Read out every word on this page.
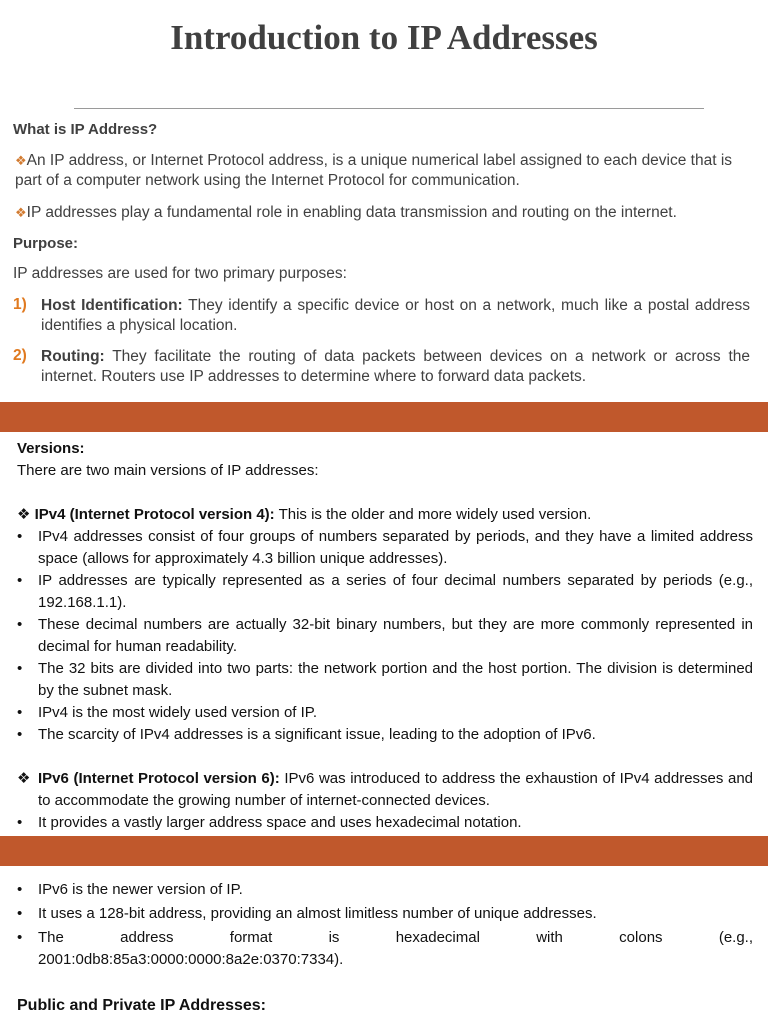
Introduction to IP Addresses
What is IP Address?
❖An IP address, or Internet Protocol address, is a unique numerical label assigned to each device that is part of a computer network using the Internet Protocol for communication.
❖IP addresses play a fundamental role in enabling data transmission and routing on the internet.
Purpose:
IP addresses are used for two primary purposes:
1) Host Identification: They identify a specific device or host on a network, much like a postal address identifies a physical location.
2) Routing: They facilitate the routing of data packets between devices on a network or across the internet. Routers use IP addresses to determine where to forward data packets.
Versions:
There are two main versions of IP addresses:
❖ IPv4 (Internet Protocol version 4): This is the older and more widely used version.
•	IPv4 addresses consist of four groups of numbers separated by periods, and they have a limited address space (allows for approximately 4.3 billion unique addresses).
•	IP addresses are typically represented as a series of four decimal numbers separated by periods (e.g., 192.168.1.1).
•	These decimal numbers are actually 32-bit binary numbers, but they are more commonly represented in decimal for human readability.
•	The 32 bits are divided into two parts: the network portion and the host portion. The division is determined by the subnet mask.
•	IPv4 is the most widely used version of IP.
•	The scarcity of IPv4 addresses is a significant issue, leading to the adoption of IPv6.
❖ IPv6 (Internet Protocol version 6): IPv6 was introduced to address the exhaustion of IPv4 addresses and to accommodate the growing number of internet-connected devices.
•	It provides a vastly larger address space and uses hexadecimal notation.
•	IPv6 is the newer version of IP.
•	It uses a 128-bit address, providing an almost limitless number of unique addresses.
•	The address format is hexadecimal with colons (e.g., 2001:0db8:85a3:0000:0000:8a2e:0370:7334).
Public and Private IP Addresses:
